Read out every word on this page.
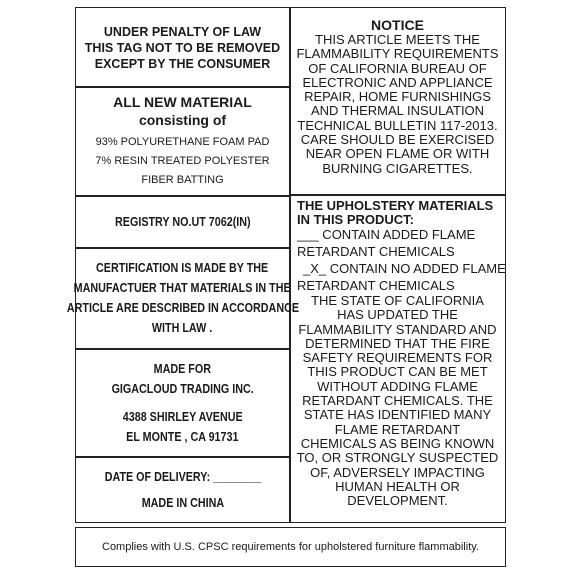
UNDER PENALTY OF LAW
THIS TAG NOT TO BE REMOVED
EXCEPT BY THE CONSUMER
ALL NEW MATERIAL
consisting of
93% POLYURETHANE FOAM PAD
7% RESIN TREATED POLYESTER
FIBER BATTING
REGISTRY NO.UT 7062(IN)
CERTIFICATION IS MADE BY THE
MANUFACTUER THAT MATERIALS IN THE
ARTICLE ARE DESCRIBED IN ACCORDANCE
WITH LAW .
MADE FOR
GIGACLOUD TRADING INC.
4388 SHIRLEY AVENUE
EL MONTE , CA 91731
DATE OF DELIVERY: ________
MADE IN CHINA
NOTICE
THIS ARTICLE MEETS THE
FLAMMABILITY REQUIREMENTS
OF CALIFORNIA BUREAU OF
ELECTRONIC AND APPLIANCE
REPAIR, HOME FURNISHINGS
AND THERMAL INSULATION
TECHNICAL BULLETIN 117-2013.
CARE SHOULD BE EXERCISED
NEAR OPEN FLAME OR WITH
BURNING CIGARETTES.
THE UPHOLSTERY MATERIALS
IN THIS PRODUCT:
___ CONTAIN ADDED FLAME
RETARDANT CHEMICALS
_X_ CONTAIN NO ADDED FLAME
RETARDANT CHEMICALS
THE STATE OF CALIFORNIA
HAS UPDATED THE
FLAMMABILITY STANDARD AND
DETERMINED THAT THE FIRE
SAFETY REQUIREMENTS FOR
THIS PRODUCT CAN BE MET
WITHOUT ADDING FLAME
RETARDANT CHEMICALS. THE
STATE HAS IDENTIFIED MANY
FLAME RETARDANT
CHEMICALS AS BEING KNOWN
TO, OR STRONGLY SUSPECTED
OF, ADVERSELY IMPACTING
HUMAN HEALTH OR
DEVELOPMENT.
Complies with U.S. CPSC requirements for upholstered furniture flammability.
